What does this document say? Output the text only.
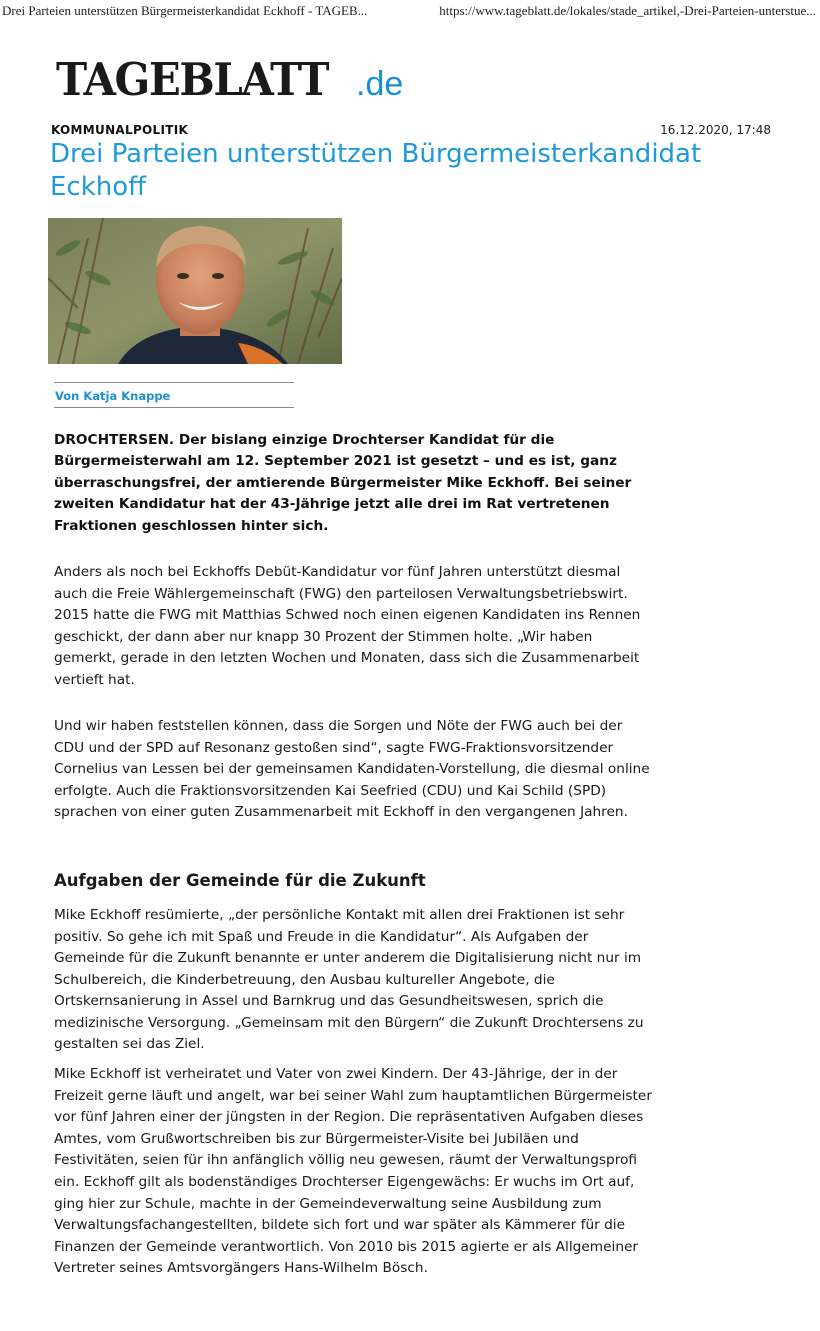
Drei Parteien unterstützen Bürgermeisterkandidat Eckhoff - TAGEB...	https://www.tageblatt.de/lokales/stade_artikel,-Drei-Parteien-unterstue...
TAGEBLATT .de
KOMMUNALPOLITIK	16.12.2020, 17:48
Drei Parteien unterstützen Bürgermeisterkandidat Eckhoff
Von Katja Knappe

DROCHTERSEN. Der bislang einzige Drochterser Kandidat für die Bürgermeisterwahl am 12. September 2021 ist gesetzt – und es ist, ganz überraschungsfrei, der amtierende Bürgermeister Mike Eckhoff. Bei seiner zweiten Kandidatur hat der 43-Jährige jetzt alle drei im Rat vertretenen Fraktionen geschlossen hinter sich.

Anders als noch bei Eckhoffs Debüt-Kandidatur vor fünf Jahren unterstützt diesmal auch die Freie Wählergemeinschaft (FWG) den parteilosen Verwaltungsbetriebswirt. 2015 hatte die FWG mit Matthias Schwed noch einen eigenen Kandidaten ins Rennen geschickt, der dann aber nur knapp 30 Prozent der Stimmen holte. „Wir haben gemerkt, gerade in den letzten Wochen und Monaten, dass sich die Zusammenarbeit vertieft hat.

Und wir haben feststellen können, dass die Sorgen und Nöte der FWG auch bei der CDU und der SPD auf Resonanz gestoßen sind“, sagte FWG-Fraktionsvorsitzender Cornelius van Lessen bei der gemeinsamen Kandidaten-Vorstellung, die diesmal online erfolgte. Auch die Fraktionsvorsitzenden Kai Seefried (CDU) und Kai Schild (SPD) sprachen von einer guten Zusammenarbeit mit Eckhoff in den vergangenen Jahren.

Aufgaben der Gemeinde für die Zukunft

Mike Eckhoff resümierte, „der persönliche Kontakt mit allen drei Fraktionen ist sehr positiv. So gehe ich mit Spaß und Freude in die Kandidatur“. Als Aufgaben der Gemeinde für die Zukunft benannte er unter anderem die Digitalisierung nicht nur im Schulbereich, die Kinderbetreuung, den Ausbau kultureller Angebote, die Ortskernsanierung in Assel und Barnkrug und das Gesundheitswesen, sprich die medizinische Versorgung. „Gemeinsam mit den Bürgern“ die Zukunft Drochtersens zu gestalten sei das Ziel.

Mike Eckhoff ist verheiratet und Vater von zwei Kindern. Der 43-Jährige, der in der Freizeit gerne läuft und angelt, war bei seiner Wahl zum hauptamtlichen Bürgermeister vor fünf Jahren einer der jüngsten in der Region. Die repräsentativen Aufgaben dieses Amtes, vom Grußwortschreiben bis zur Bürgermeister-Visite bei Jubiläen und Festivitäten, seien für ihn anfänglich völlig neu gewesen, räumt der Verwaltungsprofi ein. Eckhoff gilt als bodenständiges Drochterser Eigengewächs: Er wuchs im Ort auf, ging hier zur Schule, machte in der Gemeindeverwaltung seine Ausbildung zum Verwaltungsfachangestellten, bildete sich fort und war später als Kämmerer für die Finanzen der Gemeinde verantwortlich. Von 2010 bis 2015 agierte er als Allgemeiner Vertreter seines Amtsvorgängers Hans-Wilhelm Bösch.
